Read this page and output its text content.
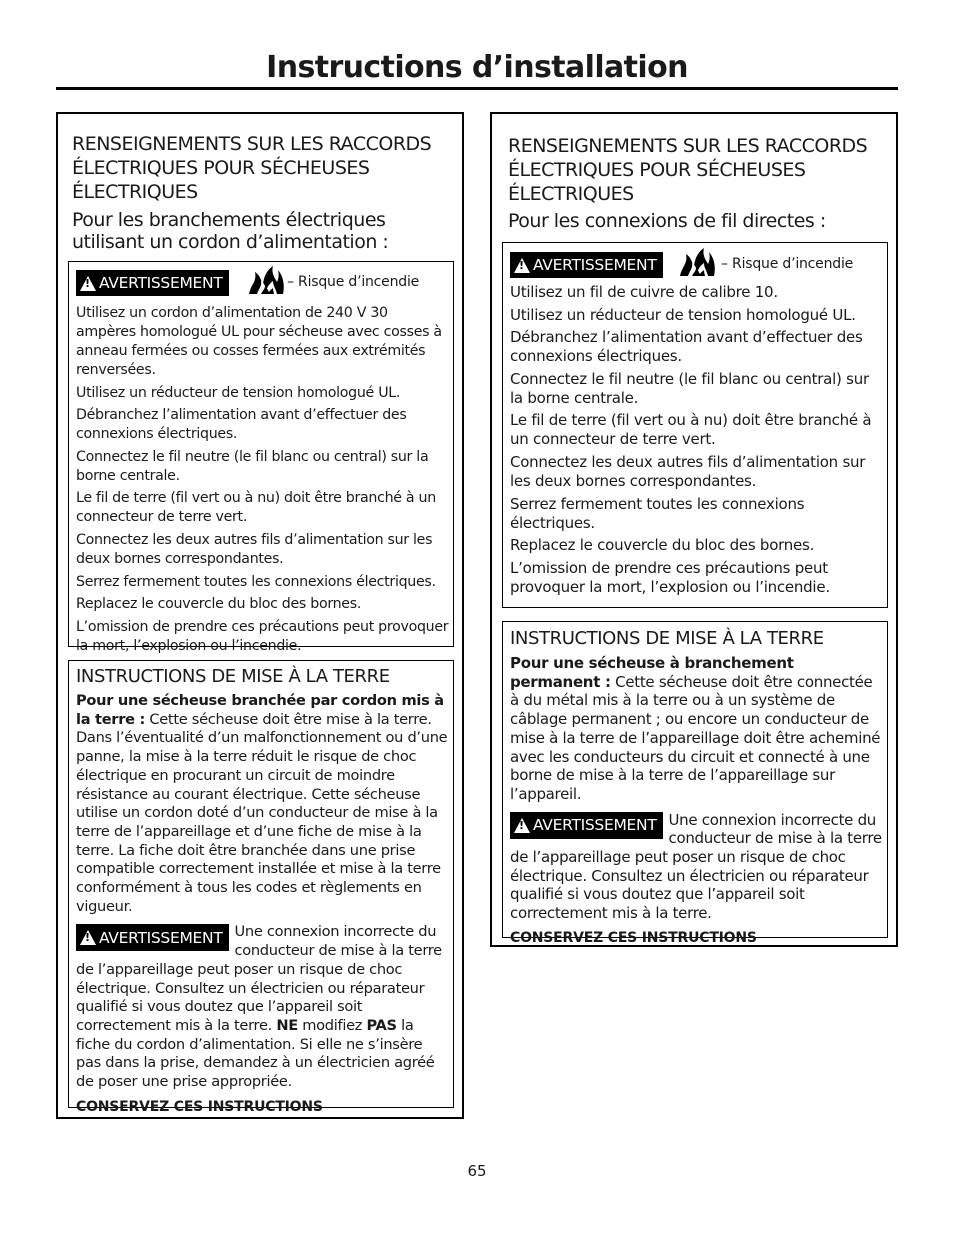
Instructions d’installation
RENSEIGNEMENTS SUR LES RACCORDS
ÉLECTRIQUES POUR SÉCHEUSES
ÉLECTRIQUES
Pour les branchements électriques
utilisant un cordon d’alimentation :
!
AVERTISSEMENT	– Risque d’incendie

Utilisez un cordon d’alimentation de 240 V 30 ampères homologué UL pour sécheuse avec cosses à anneau fermées ou cosses fermées aux extrémités renversées.

Utilisez un réducteur de tension homologué UL.

Débranchez l’alimentation avant d’effectuer des connexions électriques.

Connectez le fil neutre (le fil blanc ou central) sur la borne centrale.

Le fil de terre (fil vert ou à nu) doit être branché à un connecteur de terre vert.

Connectez les deux autres fils d’alimentation sur les deux bornes correspondantes.

Serrez fermement toutes les connexions électriques.

Replacez le couvercle du bloc des bornes.

L’omission de prendre ces précautions peut provoquer la mort, l’explosion ou l’incendie.

INSTRUCTIONS DE MISE À LA TERRE
Pour une sécheuse branchée par cordon mis à la terre : Cette sécheuse doit être mise à la terre. Dans l’éventualité d’un malfonctionnement ou d’une panne, la mise à la terre réduit le risque de choc électrique en procurant un circuit de moindre résistance au courant électrique. Cette sécheuse utilise un cordon doté d’un conducteur de mise à la terre de l’appareillage et d’une fiche de mise à la terre. La fiche doit être branchée dans une prise compatible correctement installée et mise à la terre conformément à tous les codes et règlements en vigueur.
!
AVERTISSEMENT Une connexion incorrecte du conducteur de mise à la terre de l’appareillage peut poser un risque de choc électrique. Consultez un électricien ou réparateur qualifié si vous doutez que l’appareil soit correctement mis à la terre. NE modifiez PAS la fiche du cordon d’alimentation. Si elle ne s’insère pas dans la prise, demandez à un électricien agréé de poser une prise appropriée.
CONSERVEZ CES INSTRUCTIONS
RENSEIGNEMENTS SUR LES RACCORDS
ÉLECTRIQUES POUR SÉCHEUSES
ÉLECTRIQUES
Pour les connexions de fil directes :
!
AVERTISSEMENT	– Risque d’incendie

Utilisez un fil de cuivre de calibre 10.

Utilisez un réducteur de tension homologué UL.

Débranchez l’alimentation avant d’effectuer des connexions électriques.

Connectez le fil neutre (le fil blanc ou central) sur la borne centrale.

Le fil de terre (fil vert ou à nu) doit être branché à un connecteur de terre vert.

Connectez les deux autres fils d’alimentation sur les deux bornes correspondantes.

Serrez fermement toutes les connexions électriques.

Replacez le couvercle du bloc des bornes.

L’omission de prendre ces précautions peut provoquer la mort, l’explosion ou l’incendie.

INSTRUCTIONS DE MISE À LA TERRE
Pour une sécheuse à branchement permanent : Cette sécheuse doit être connectée à du métal mis à la terre ou à un système de câblage permanent ; ou encore un conducteur de mise à la terre de l’appareillage doit être acheminé avec les conducteurs du circuit et connecté à une borne de mise à la terre de l’appareillage sur l’appareil.
!
AVERTISSEMENT Une connexion incorrecte du conducteur de mise à la terre de l’appareillage peut poser un risque de choc électrique. Consultez un électricien ou réparateur qualifié si vous doutez que l’appareil soit correctement mis à la terre.
CONSERVEZ CES INSTRUCTIONS
65
